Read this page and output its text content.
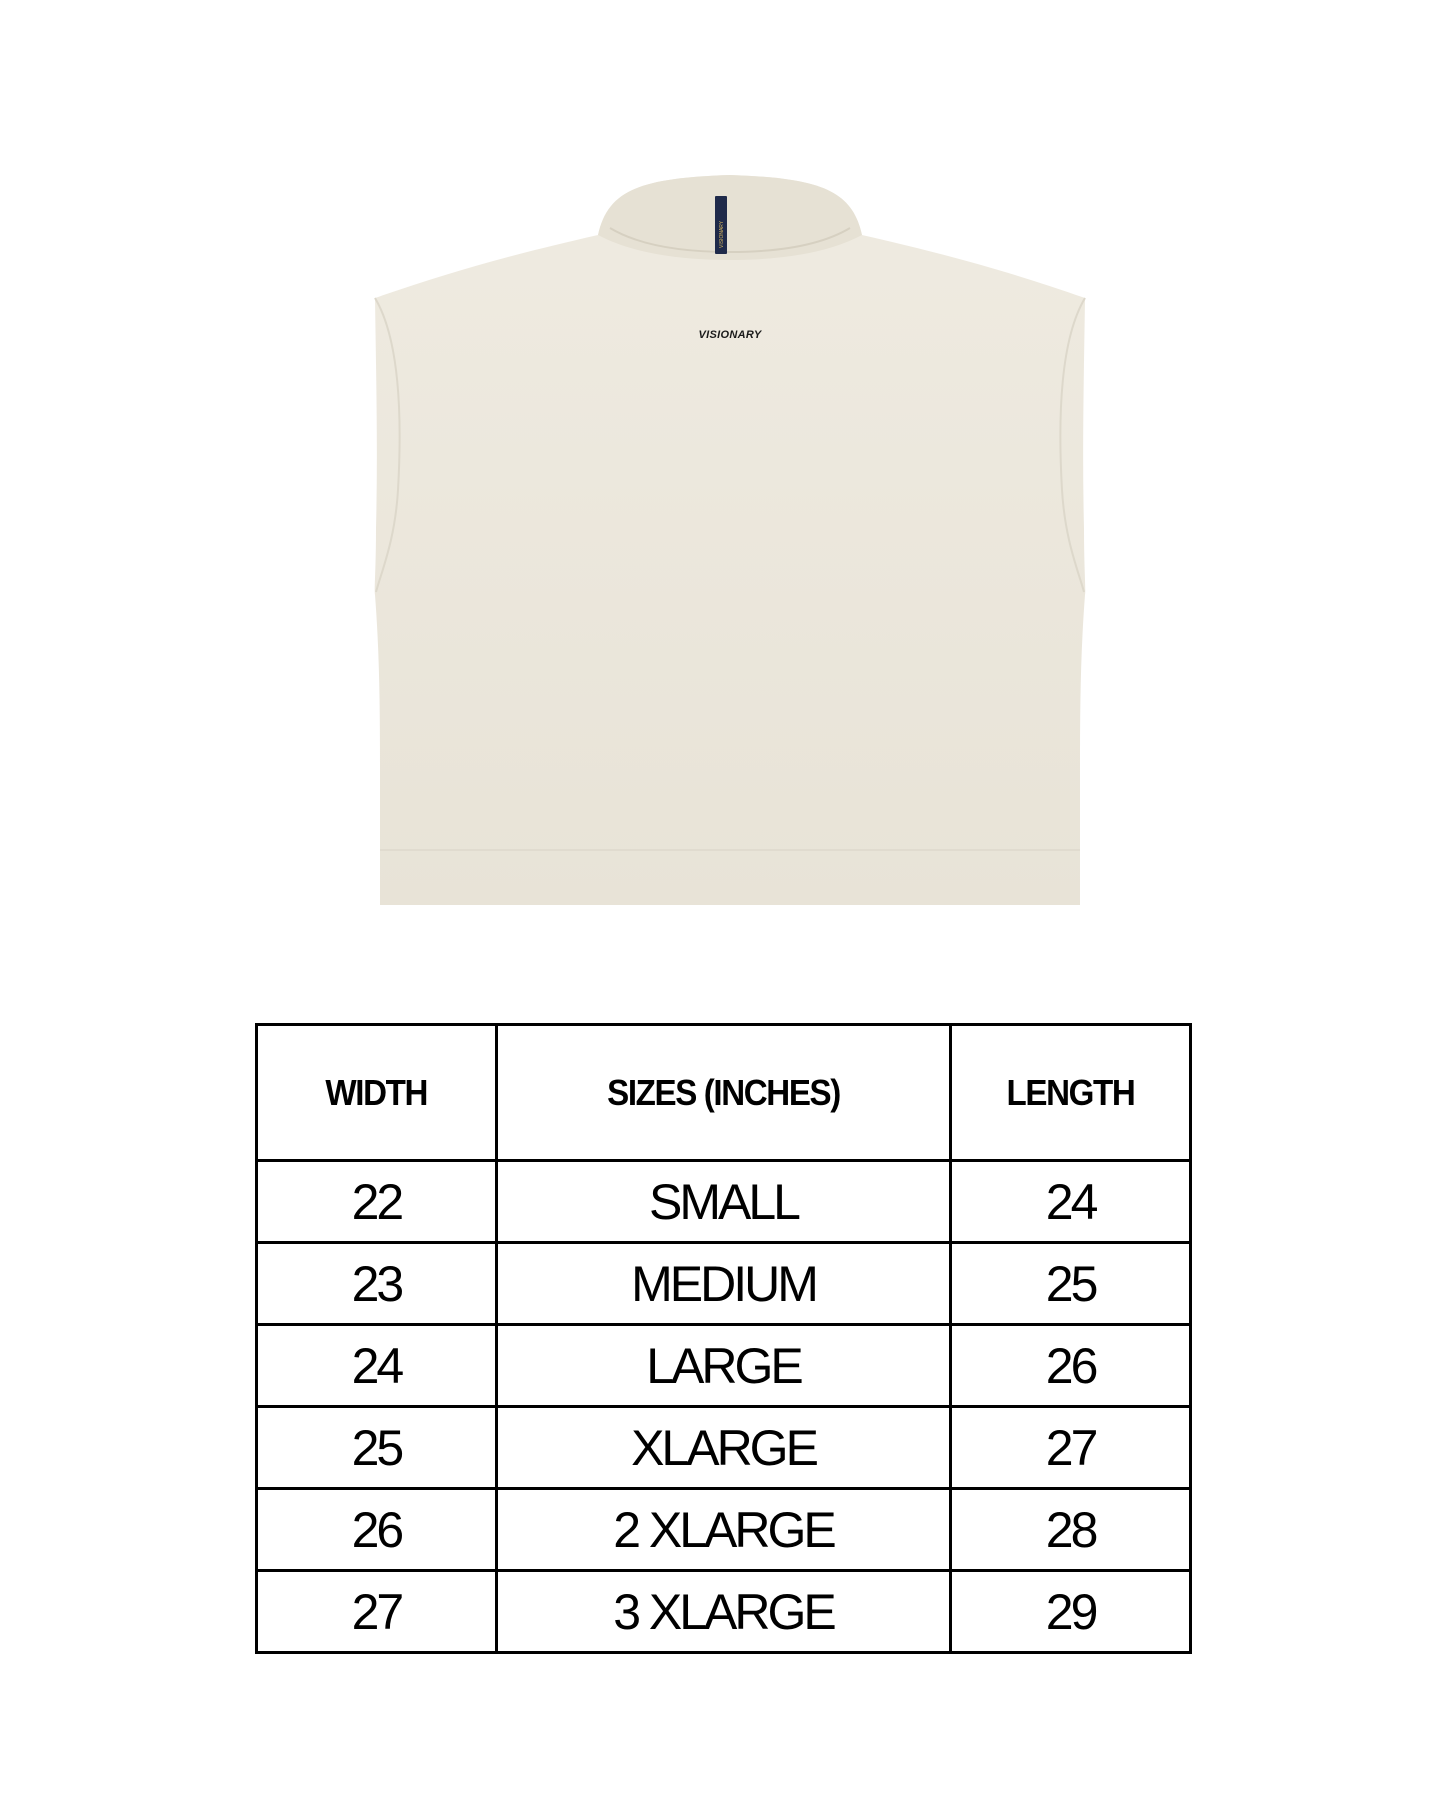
VISIONARY
VISIONARY
WIDTH	SIZES (INCHES)	LENGTH
22	SMALL	24
23	MEDIUM	25
24	LARGE	26
25	XLARGE	27
26	2 XLARGE	28
27	3 XLARGE	29
